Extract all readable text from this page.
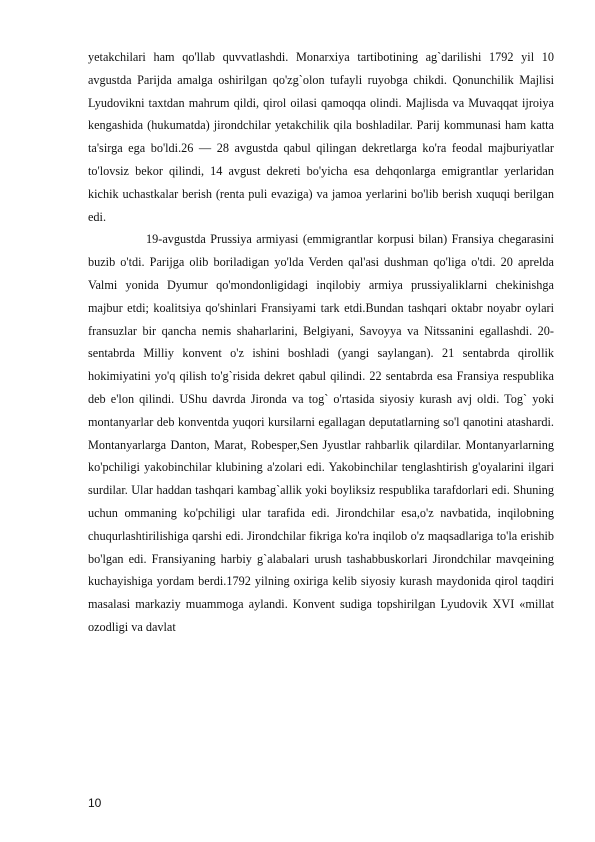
yetakchilari ham qo'llab quvvatlashdi. Monarxiya tartibotining ag`darilishi 1792 yil 10 avgustda Parijda amalga oshirilgan qo'zg`olon tufayli ruyobga chikdi. Qonunchilik Majlisi Lyudovikni taxtdan mahrum qildi, qirol oilasi qamoqqa olindi. Majlisda va Muvaqqat ijroiya kengashida (hukumatda) jirondchilar yetakchilik qila boshladilar. Parij kommunasi ham katta ta'sirga ega bo'ldi.26 — 28 avgustda qabul qilingan dekretlarga ko'ra feodal majburiyatlar to'lovsiz bekor qilindi, 14 avgust dekreti bo'yicha esa dehqonlarga emigrantlar yerlaridan kichik uchastkalar berish (renta puli evaziga) va jamoa yerlarini bo'lib berish xuquqi berilgan edi.

19-avgustda Prussiya armiyasi (emmigrantlar korpusi bilan) Fransiya chegarasini buzib o'tdi. Parijga olib boriladigan yo'lda Verden qal'asi dushman qo'liga o'tdi. 20 aprelda Valmi yonida Dyumur qo'mondonligidagi inqilobiy armiya prussiyaliklarni chekinishga majbur etdi; koalitsiya qo'shinlari Fransiyami tark etdi.Bundan tashqari oktabr noyabr oylari fransuzlar bir qancha nemis shaharlarini, Belgiyani, Savoyya va Nitssanini egallashdi. 20-sentabrda Milliy konvent o'z ishini boshladi (yangi saylangan). 21 sentabrda qirollik hokimiyatini yo'q qilish to'g`risida dekret qabul qilindi. 22 sentabrda esa Fransiya respublika deb e'lon qilindi. UShu davrda Jironda va tog` o'rtasida siyosiy kurash avj oldi. Tog` yoki montanyarlar deb konventda yuqori kursilarni egallagan deputatlarning so'l qanotini atashardi. Montanyarlarga Danton, Marat, Robesper,Sen Jyustlar rahbarlik qilardilar. Montanyarlarning ko'pchiligi yakobinchilar klubining a'zolari edi. Yakobinchilar tenglashtirish g'oyalarini ilgari surdilar. Ular haddan tashqari kambag`allik yoki boyliksiz respublika tarafdorlari edi. Shuning uchun ommaning ko'pchiligi ular tarafida edi. Jirondchilar esa,o'z navbatida, inqilobning chuqurlashtirilishiga qarshi edi. Jirondchilar fikriga ko'ra inqilob o'z maqsadlariga to'la erishib bo'lgan edi. Fransiyaning harbiy g`alabalari urush tashabbuskorlari Jirondchilar mavqeining kuchayishiga yordam berdi.1792 yilning oxiriga kelib siyosiy kurash maydonida qirol taqdiri masalasi markaziy muammoga aylandi. Konvent sudiga topshirilgan Lyudovik XVI «millat ozodligi va davlat

10
